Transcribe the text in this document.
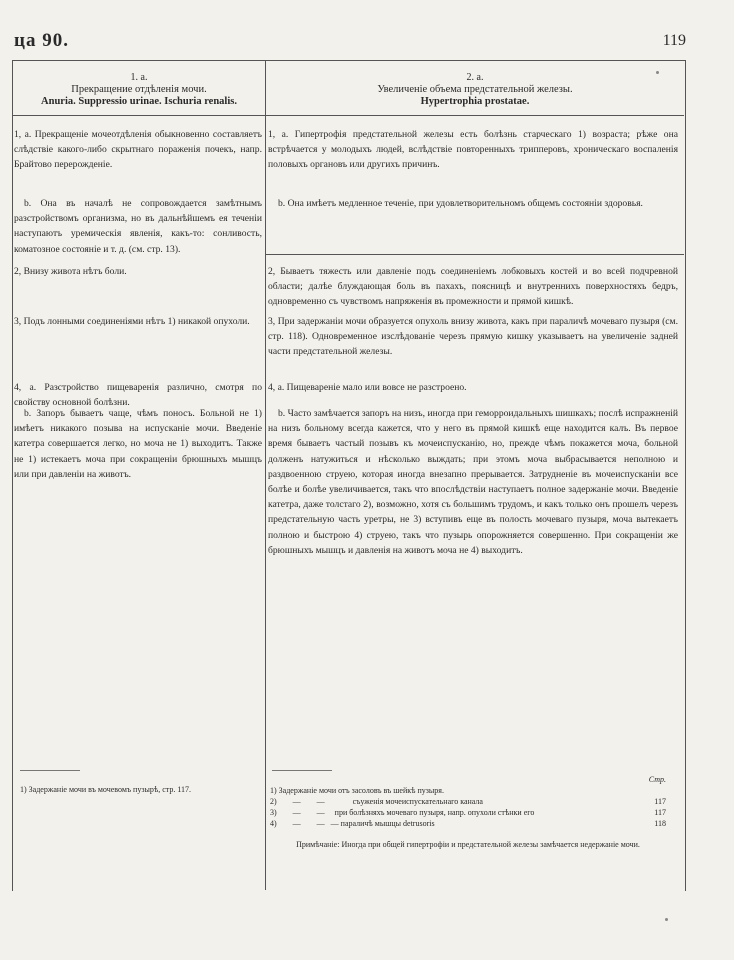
ца 90.	119
1. а.
Прекращение отдѣленiя мочи.
Anuria. Suppressio urinae. Ischuria renalis.
2. а.
Увеличенiе объема предстательной железы.
Hypertrophia prostatae.
1, а. Прекращенiе мочеотдѣленiя обыкновенно составляетъ слѣдствiе какого-либо скрытнаго пораженiя почекъ, напр. Брайтово перерожденiе.
b. Она въ началѣ не сопровождается замѣтнымъ разстройствомъ организма, но въ дальнѣйшемъ ея теченiи наступаютъ уремическiя явленiя, какъ-то: сонливость, коматозное состоянiе и т. д. (см. стр. 13).
2, Внизу живота нѣтъ боли.
3, Подъ лонными соединенiями нѣтъ 1) никакой опухоли.
4, а. Разстройство пищеваренiя различно, смотря по свойству основной болѣзни.
b. Запоръ бываетъ чаще, чѣмъ поносъ. Больной не 1) имѣетъ никакого позыва на испусканiе мочи. Введенiе катетра совершается легко, но моча не 1) выходитъ. Также не 1) истекаетъ моча при сокращенiи брюшныхъ мышцъ или при давленiи на животъ.
1, а. Гипертрофiя предстательной железы есть болѣзнь старческаго 1) возраста; рѣже она встрѣчается у молодыхъ людей, вслѣдствiе повторенныхъ трипперовъ, хроническаго воспаленiя половыхъ органовъ или другихъ причинъ.
b. Она имѣетъ медленное теченiе, при удовлетворительномъ общемъ состоянiи здоровья.
2, Бываетъ тяжесть или давленiе подъ соединенiемъ лобковыхъ костей и во всей подчревной области; далѣе блуждающая боль въ пахахъ, поясницѣ и внутреннихъ поверхностяхъ бедръ, одновременно съ чувствомъ напряженiя въ промежности и прямой кишкѣ.
3, При задержанiи мочи образуется опухоль внизу живота, какъ при параличѣ мочеваго пузыря (см. стр. 118). Одновременное изслѣдованiе черезъ прямую кишку указываетъ на увеличенiе задней части предстательной железы.
4, а. Пищеваренiе мало или вовсе не разстроено.
b. Часто замѣчается запоръ на низъ, иногда при геморроидальныхъ шишкахъ; послѣ испражненiй на низъ больному всегда кажется, что у него въ прямой кишкѣ еще находится калъ. Въ первое время бываетъ частый позывъ къ мочеиспусканiю, но, прежде чѣмъ покажется моча, больной долженъ натужиться и нѣсколько выждать; при этомъ моча выбрасывается неполною и раздвоенною струею, которая иногда внезапно прерывается. Затрудненiе въ мочеиспусканiи все болѣе и болѣе увеличивается, такъ что впослѣдствiи наступаетъ полное задержанiе мочи. Введенiе катетра, даже толстаго 2), возможно, хотя съ большимъ трудомъ, и какъ только онъ прошелъ черезъ предстательную часть уретры, не 3) вступивъ еще въ полость мочеваго пузыря, моча вытекаетъ полною и быстрою 4) струею, такъ что пузырь опорожняется совершенно. При сокращенiи же брюшныхъ мышцъ и давленiя на животъ моча не 4) выходитъ.
1) Задержанiе мочи въ мочевомъ пузырѣ, стр. 117.
Стр.
1) Задержанiе мочи отъ засоловъ въ шейкѣ пузыря.
2)        —        —              съуженiя мочеиспускательнаго канала	117
3)        —        —     при болѣзняхъ мочеваго пузыря, напр. опухоли стѣнки его	117
4)        —        —   — параличѣ мышцы detrusoris	118
Примѣчанiе: Иногда при общей гипертрофiи и предстательной железы замѣчается недержанiе мочи.
